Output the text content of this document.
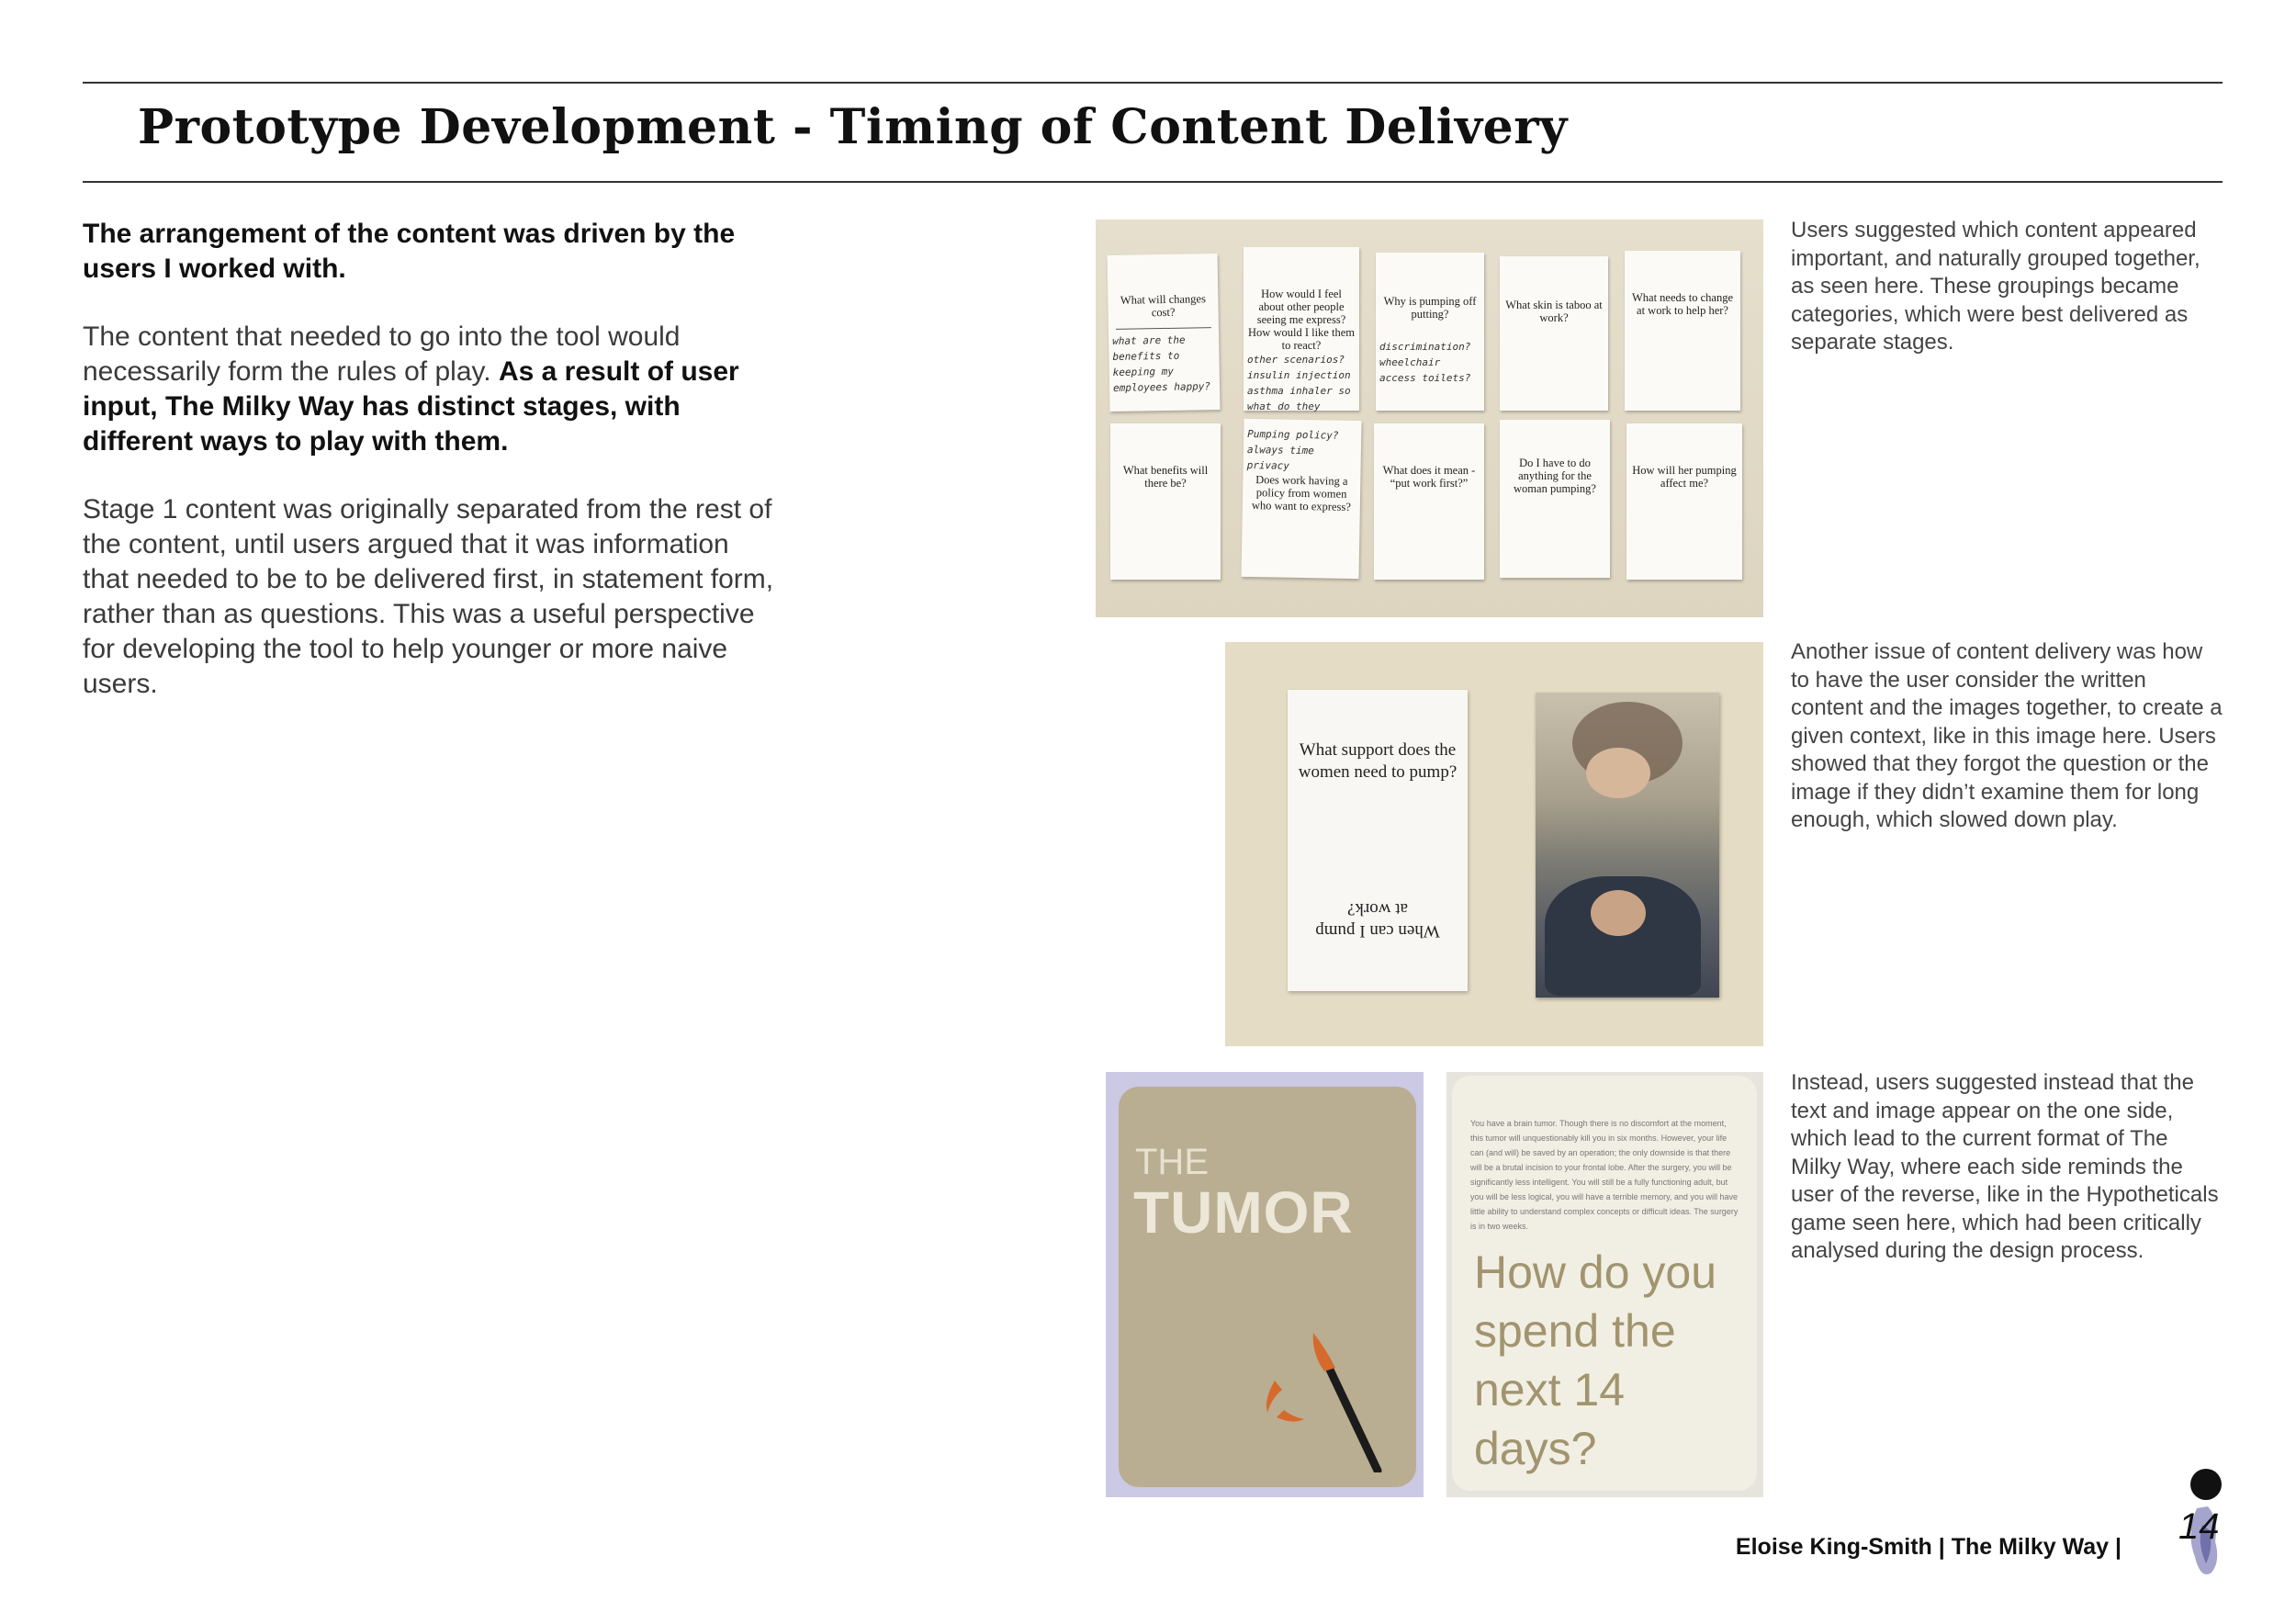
Prototype Development - Timing of Content Delivery

The arrangement of the content was driven by the users I worked with.

The content that needed to go into the tool would necessarily form the rules of play. As a result of user input, The Milky Way has distinct stages, with different ways to play with them.

Stage 1 content was originally separated from the rest of the content, until users argued that it was information that needed to be to be delivered first, in statement form, rather than as questions. This was a useful perspective for developing the tool to help younger or more naive users.

What will changes cost?
what are the benefits to keeping my employees happy?
How would I feel about other people seeing me express? How would I like them to react?
other scenarios? insulin injection asthma inhaler so what do they
Why is pumping off putting?
discrimination? wheelchair access toilets?
What skin is taboo at work?
What needs to change at work to help her?
What benefits will there be?
Pumping policy? always time privacy
Does work having a policy from women who want to express?
What does it mean - “put work first?”
Do I have to do anything for the woman pumping?
How will her pumping affect me?
Users suggested which content appeared important, and naturally grouped together, as seen here. These groupings became categories, which were best delivered as separate stages.
What support does the women need to pump?
When can I pump at work?
Another issue of content delivery was how to have the user consider the written content and the images together, to create a given context, like in this image here. Users showed that they forgot the question or the image if they didn’t examine them for long enough, which slowed down play.
THE
TUMOR
You have a brain tumor. Though there is no discomfort at the moment, this tumor will unquestionably kill you in six months. However, your life can (and will) be saved by an operation; the only downside is that there will be a brutal incision to your frontal lobe. After the surgery, you will be significantly less intelligent. You will still be a fully functioning adult, but you will be less logical, you will have a terrible memory, and you will have little ability to understand complex concepts or difficult ideas. The surgery is in two weeks.
How do you spend the next 14 days?
Instead, users suggested instead that the text and image appear on the one side, which lead to the current format of The Milky Way, where each side reminds the user of the reverse, like in the Hypotheticals game seen here, which had been critically analysed during the design process.
Eloise King-Smith | The Milky Way | 14
